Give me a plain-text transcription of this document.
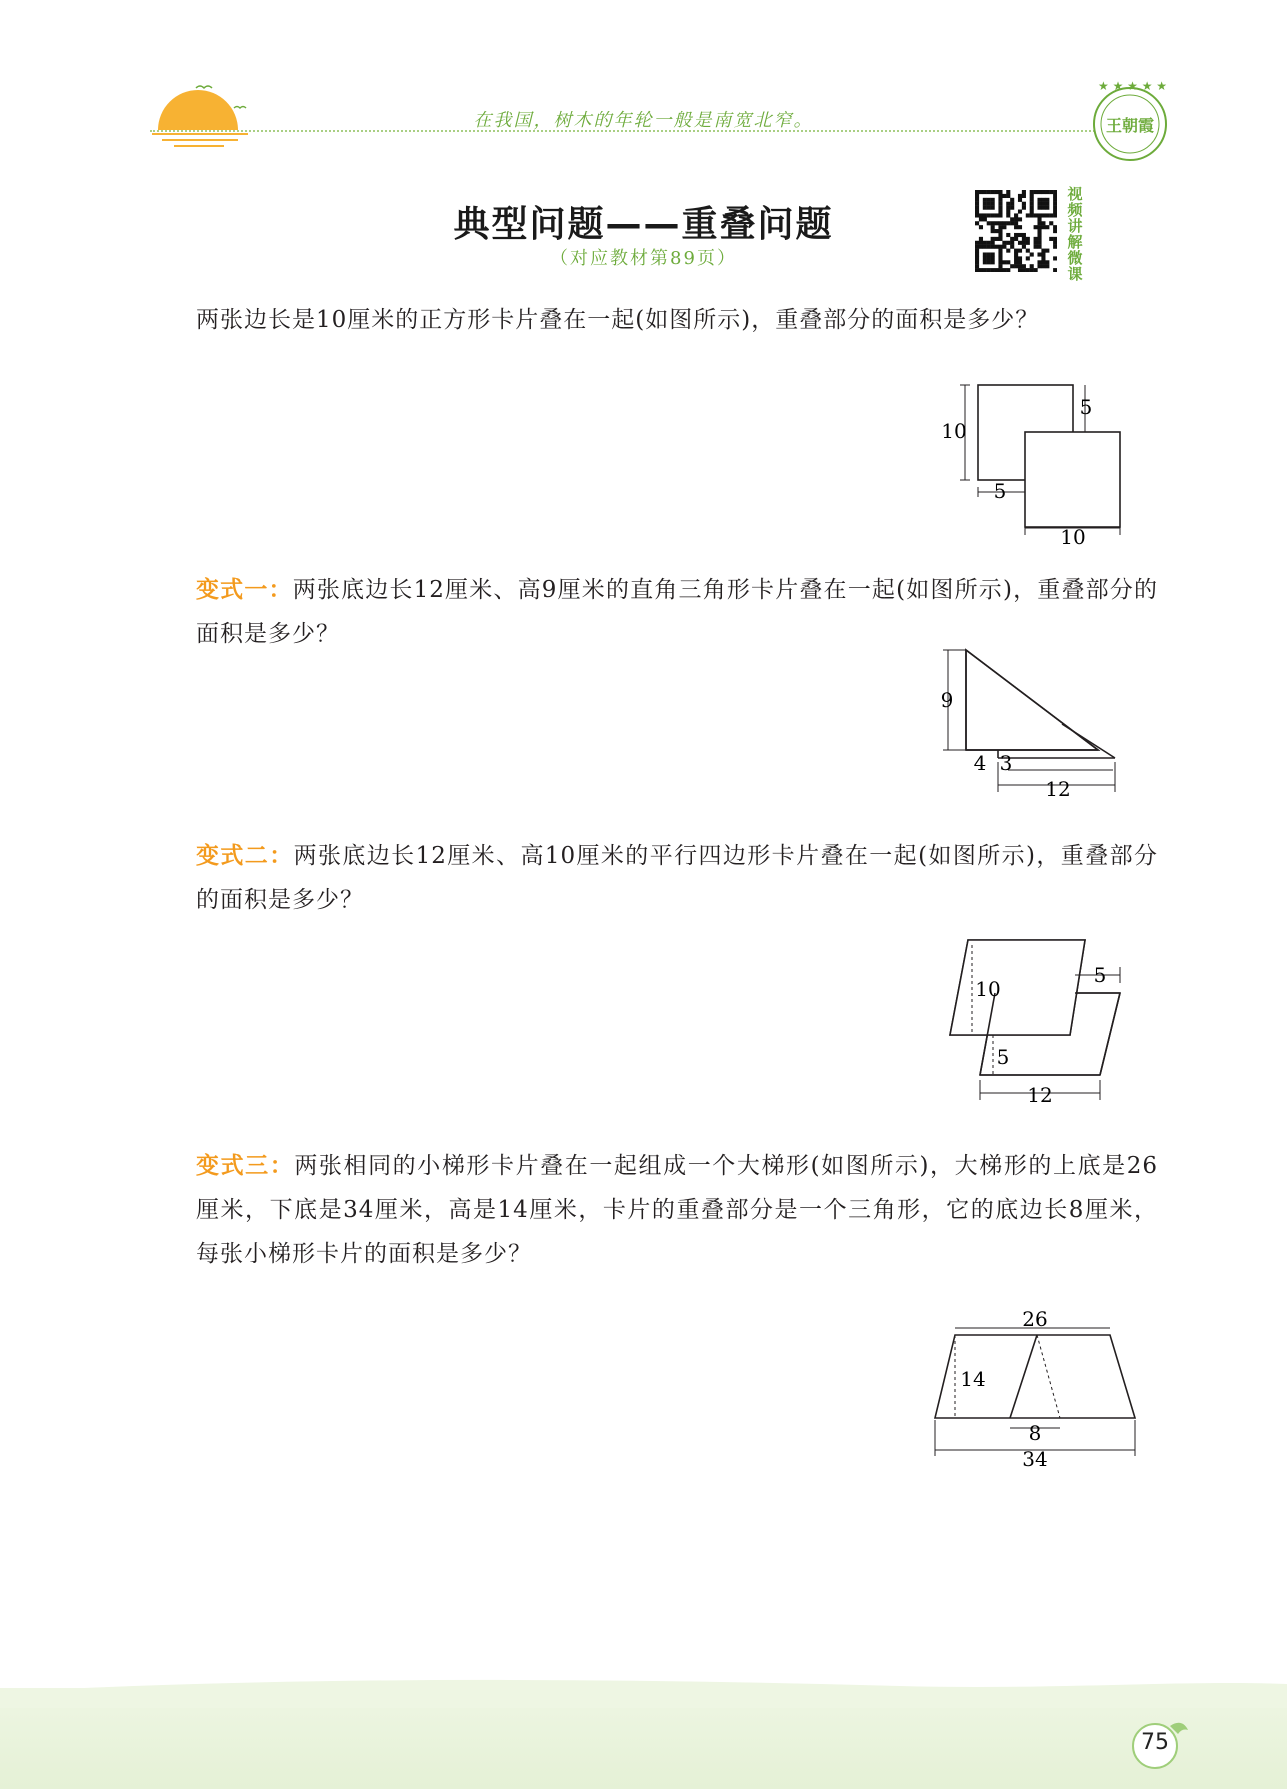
在我国，树木的年轮一般是南宽北窄。
★ ★ ★ ★ ★
王朝霞
典型问题——重叠问题
（对应教材第89页）
视频讲解微课
两张边长是10厘米的正方形卡片叠在一起(如图所示)，重叠部分的面积是多少？
10
5
5
10
变式一：两张底边长12厘米、高9厘米的直角三角形卡片叠在一起(如图所示)，重叠部分的面积是多少？
9
4 3
12
变式二：两张底边长12厘米、高10厘米的平行四边形卡片叠在一起(如图所示)，重叠部分的面积是多少？
10
5
5
12
变式三：两张相同的小梯形卡片叠在一起组成一个大梯形(如图所示)，大梯形的上底是26厘米，下底是34厘米，高是14厘米，卡片的重叠部分是一个三角形，它的底边长8厘米，每张小梯形卡片的面积是多少？
26
14
8
34
75
